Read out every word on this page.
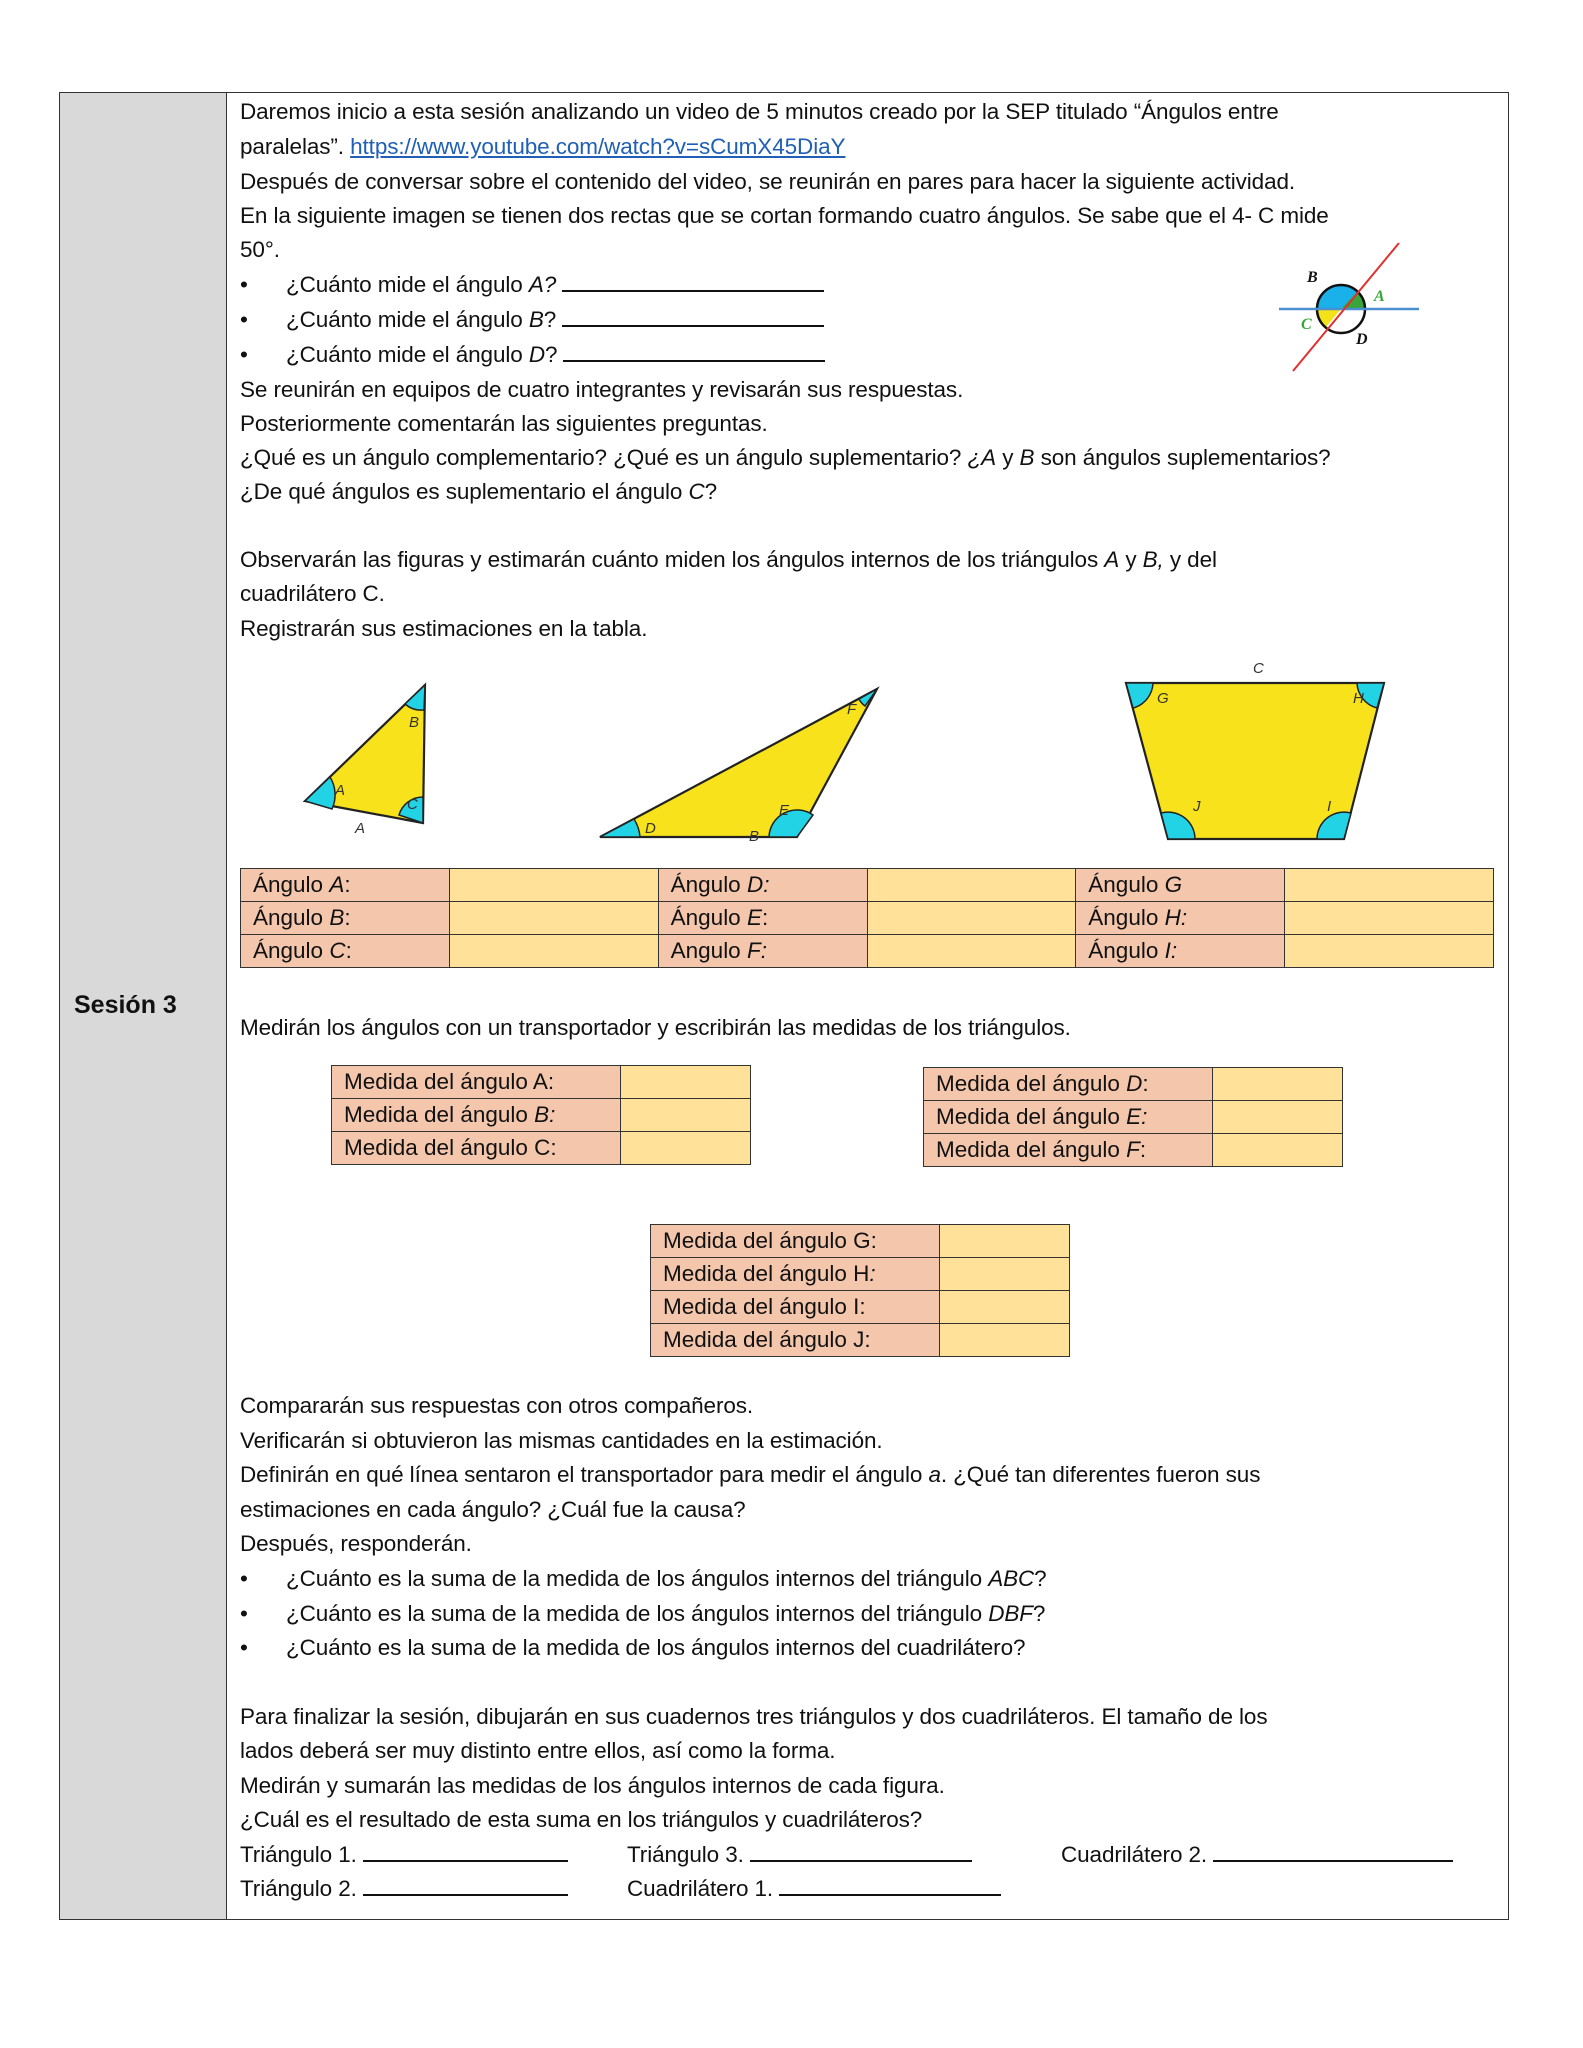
Sesión 3
Daremos inicio a esta sesión analizando un video de 5 minutos creado por la SEP titulado “Ángulos entre
paralelas”. https://www.youtube.com/watch?v=sCumX45DiaY
Después de conversar sobre el contenido del video, se reunirán en pares para hacer la siguiente actividad.
En la siguiente imagen se tienen dos rectas que se cortan formando cuatro ángulos. Se sabe que el 4- C mide
50°.
• ¿Cuánto mide el ángulo A?
• ¿Cuánto mide el ángulo B?
• ¿Cuánto mide el ángulo D?
B
A
C
D
Se reunirán en equipos de cuatro integrantes y revisarán sus respuestas.
Posteriormente comentarán las siguientes preguntas.
¿Qué es un ángulo complementario? ¿Qué es un ángulo suplementario? ¿A y B son ángulos suplementarios?
¿De qué ángulos es suplementario el ángulo C?
Observarán las figuras y estimarán cuánto miden los ángulos internos de los triángulos A y B, y del
cuadrilátero C.
Registrarán sus estimaciones en la tabla.
A
B
C
A	D
E
F
B
G	H
I
J
C
Ángulo A:		Ángulo D:		Ángulo G	
Ángulo B:		Ángulo E:		Ángulo H:	
Ángulo C:		Angulo F:		Ángulo I:	
Medirán los ángulos con un transportador y escribirán las medidas de los triángulos.
Medida del ángulo A:	
Medida del ángulo B:	
Medida del ángulo C:	
Medida del ángulo D:	
Medida del ángulo E:	
Medida del ángulo F:	
Medida del ángulo G:	
Medida del ángulo H:	
Medida del ángulo I:	
Medida del ángulo J:	
Compararán sus respuestas con otros compañeros.
Verificarán si obtuvieron las mismas cantidades en la estimación.
Definirán en qué línea sentaron el transportador para medir el ángulo a. ¿Qué tan diferentes fueron sus
estimaciones en cada ángulo? ¿Cuál fue la causa?
Después, responderán.
• ¿Cuánto es la suma de la medida de los ángulos internos del triángulo ABC?
• ¿Cuánto es la suma de la medida de los ángulos internos del triángulo DBF?
• ¿Cuánto es la suma de la medida de los ángulos internos del cuadrilátero?
Para finalizar la sesión, dibujarán en sus cuadernos tres triángulos y dos cuadriláteros. El tamaño de los
lados deberá ser muy distinto entre ellos, así como la forma.
Medirán y sumarán las medidas de los ángulos internos de cada figura.
¿Cuál es el resultado de esta suma en los triángulos y cuadriláteros?
Triángulo 1.	Triángulo 3.	Cuadrilátero 2.
Triángulo 2.	Cuadrilátero 1.
